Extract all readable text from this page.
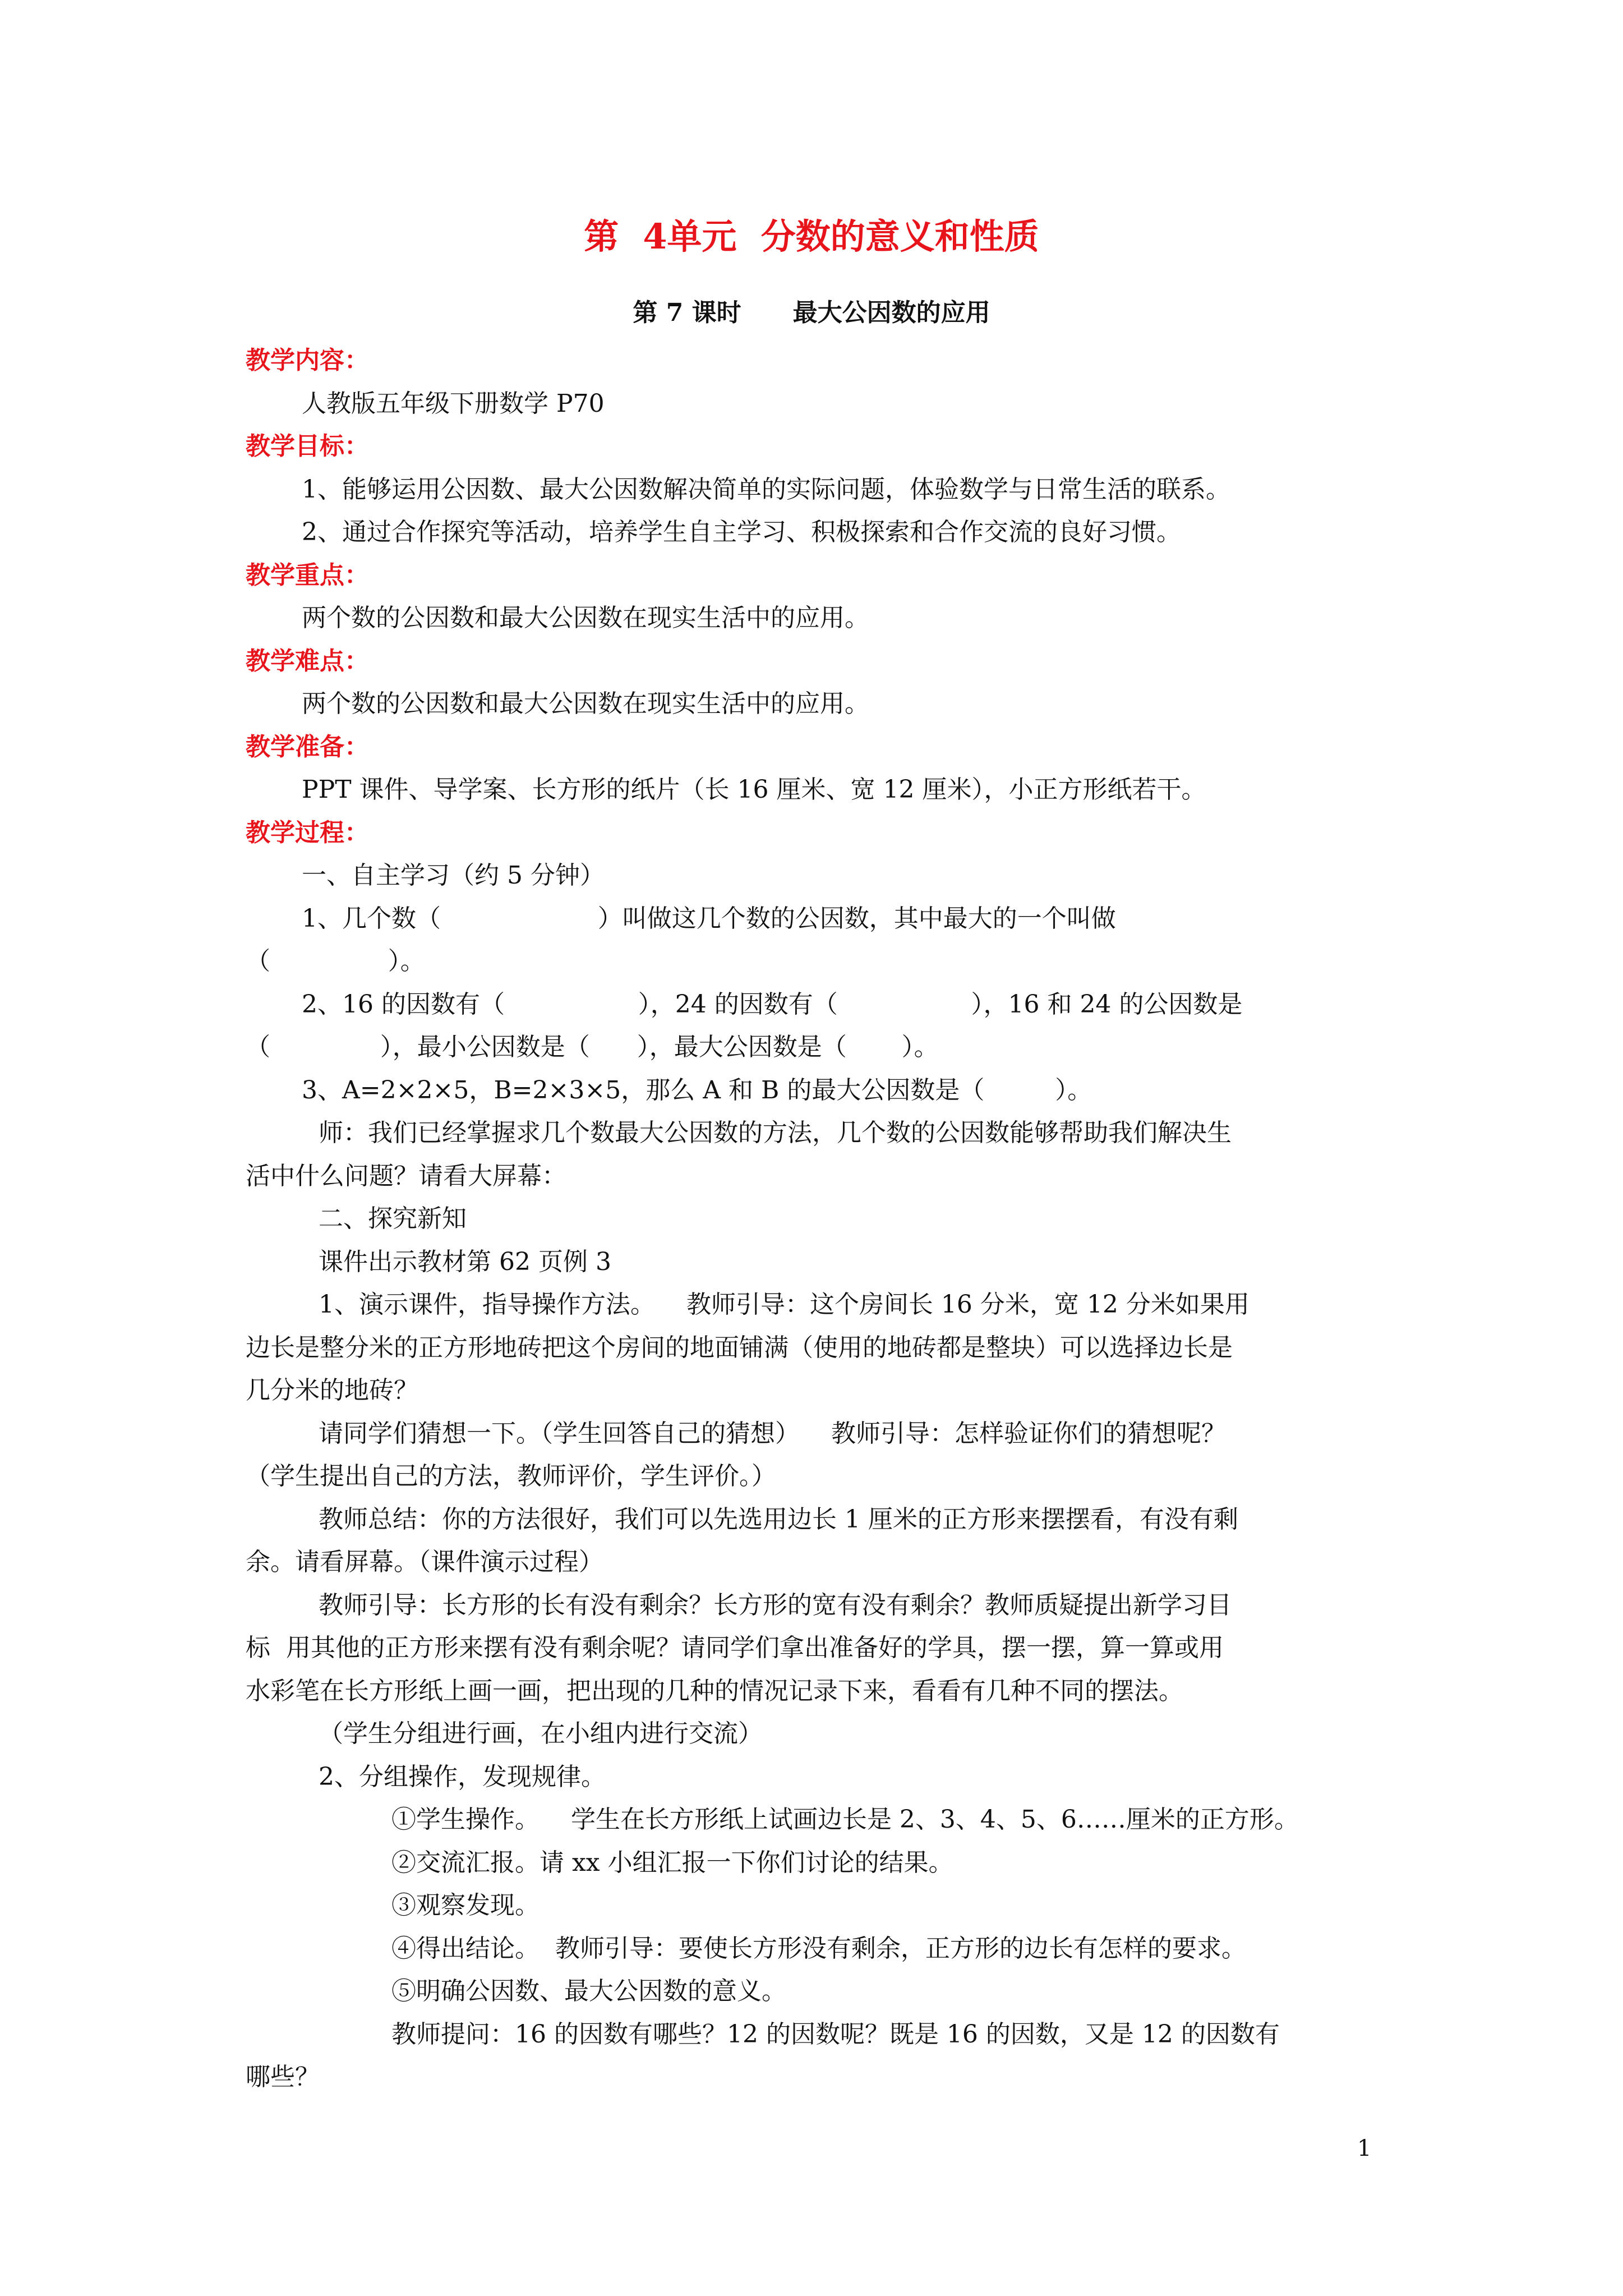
第  4单元  分数的意义和性质
第 7 课时      最大公因数的应用
教学内容：
人教版五年级下册数学 P70
教学目标：
1、能够运用公因数、最大公因数解决简单的实际问题，体验数学与日常生活的联系。
2、通过合作探究等活动，培养学生自主学习、积极探索和合作交流的良好习惯。
教学重点：
两个数的公因数和最大公因数在现实生活中的应用。
教学难点：
两个数的公因数和最大公因数在现实生活中的应用。
教学准备：
PPT 课件、导学案、长方形的纸片（长 16 厘米、宽 12 厘米），小正方形纸若干。
教学过程：
一、自主学习（约 5 分钟）
1、几个数（                    ）叫做这几个数的公因数，其中最大的一个叫做
（               ）。
2、16 的因数有（                 ），24 的因数有（                 ），16 和 24 的公因数是
（              ），最小公因数是（      ），最大公因数是（       ）。
3、A=2×2×5，B=2×3×5，那么 A 和 B 的最大公因数是（         ）。
师：我们已经掌握求几个数最大公因数的方法，几个数的公因数能够帮助我们解决生
活中什么问题？请看大屏幕：
二、探究新知
课件出示教材第 62 页例 3
1、演示课件，指导操作方法。    教师引导：这个房间长 16 分米，宽 12 分米如果用
边长是整分米的正方形地砖把这个房间的地面铺满（使用的地砖都是整块）可以选择边长是
几分米的地砖？
请同学们猜想一下。（学生回答自己的猜想）    教师引导：怎样验证你们的猜想呢？
（学生提出自己的方法，教师评价，学生评价。）
教师总结：你的方法很好，我们可以先选用边长 1 厘米的正方形来摆摆看，有没有剩
余。请看屏幕。（课件演示过程）
教师引导：长方形的长有没有剩余？长方形的宽有没有剩余？教师质疑提出新学习目
标  用其他的正方形来摆有没有剩余呢？请同学们拿出准备好的学具，摆一摆，算一算或用
水彩笔在长方形纸上画一画，把出现的几种的情况记录下来，看看有几种不同的摆法。
（学生分组进行画，在小组内进行交流）
2、分组操作，发现规律。
①学生操作。    学生在长方形纸上试画边长是 2、3、4、5、6……厘米的正方形。
②交流汇报。请 xx 小组汇报一下你们讨论的结果。
③观察发现。
④得出结论。  教师引导：要使长方形没有剩余，正方形的边长有怎样的要求。
⑤明确公因数、最大公因数的意义。
教师提问：16 的因数有哪些？12 的因数呢？既是 16 的因数，又是 12 的因数有
哪些？
1
